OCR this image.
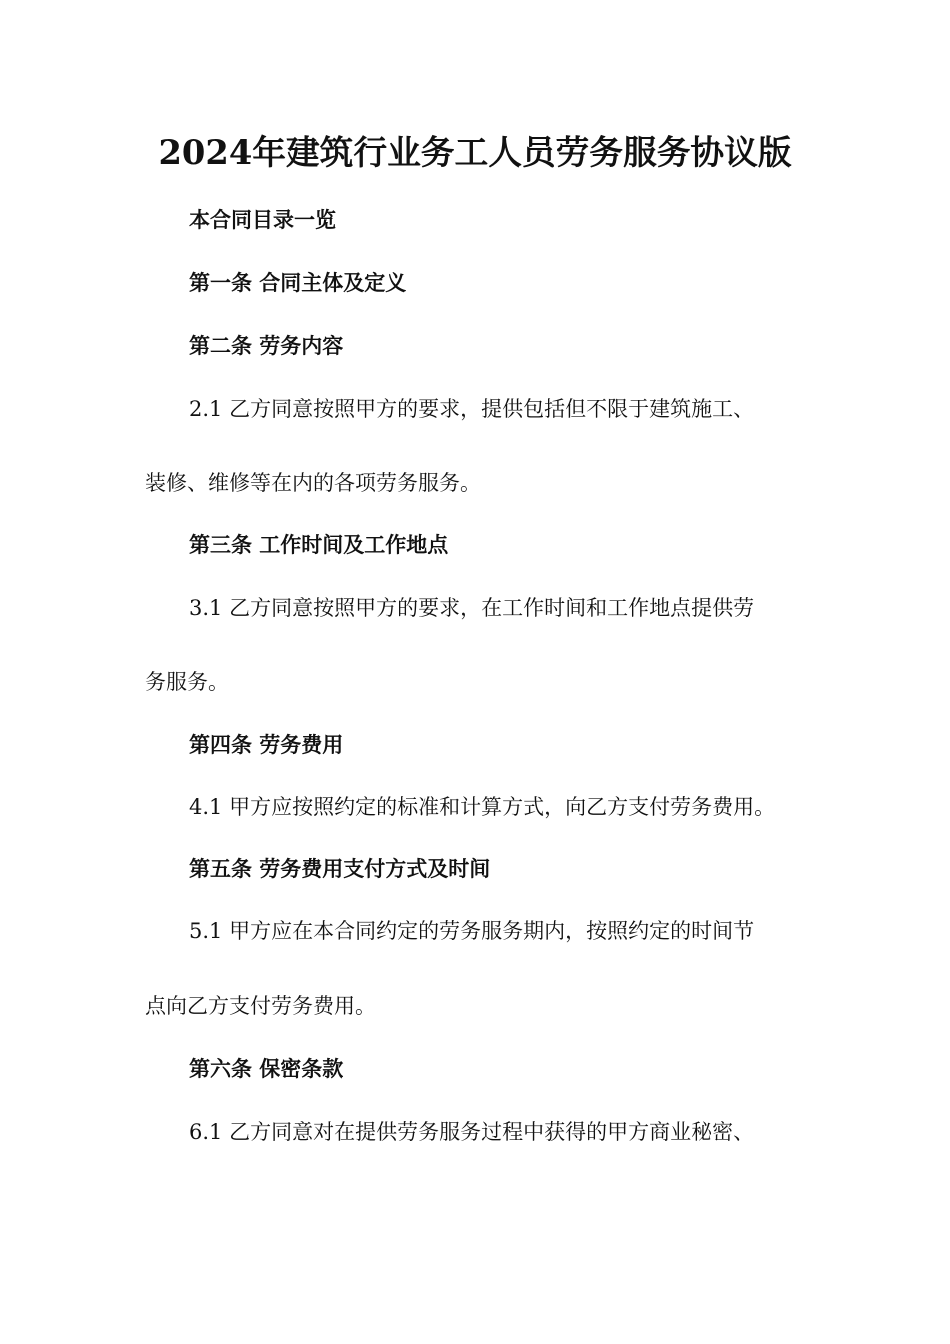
2024年建筑行业务工人员劳务服务协议版
本合同目录一览
第一条 合同主体及定义
第二条 劳务内容
2.1 乙方同意按照甲方的要求，提供包括但不限于建筑施工、
装修、维修等在内的各项劳务服务。
第三条 工作时间及工作地点
3.1 乙方同意按照甲方的要求，在工作时间和工作地点提供劳
务服务。
第四条 劳务费用
4.1 甲方应按照约定的标准和计算方式，向乙方支付劳务费用。
第五条 劳务费用支付方式及时间
5.1 甲方应在本合同约定的劳务服务期内，按照约定的时间节
点向乙方支付劳务费用。
第六条 保密条款
6.1 乙方同意对在提供劳务服务过程中获得的甲方商业秘密、
